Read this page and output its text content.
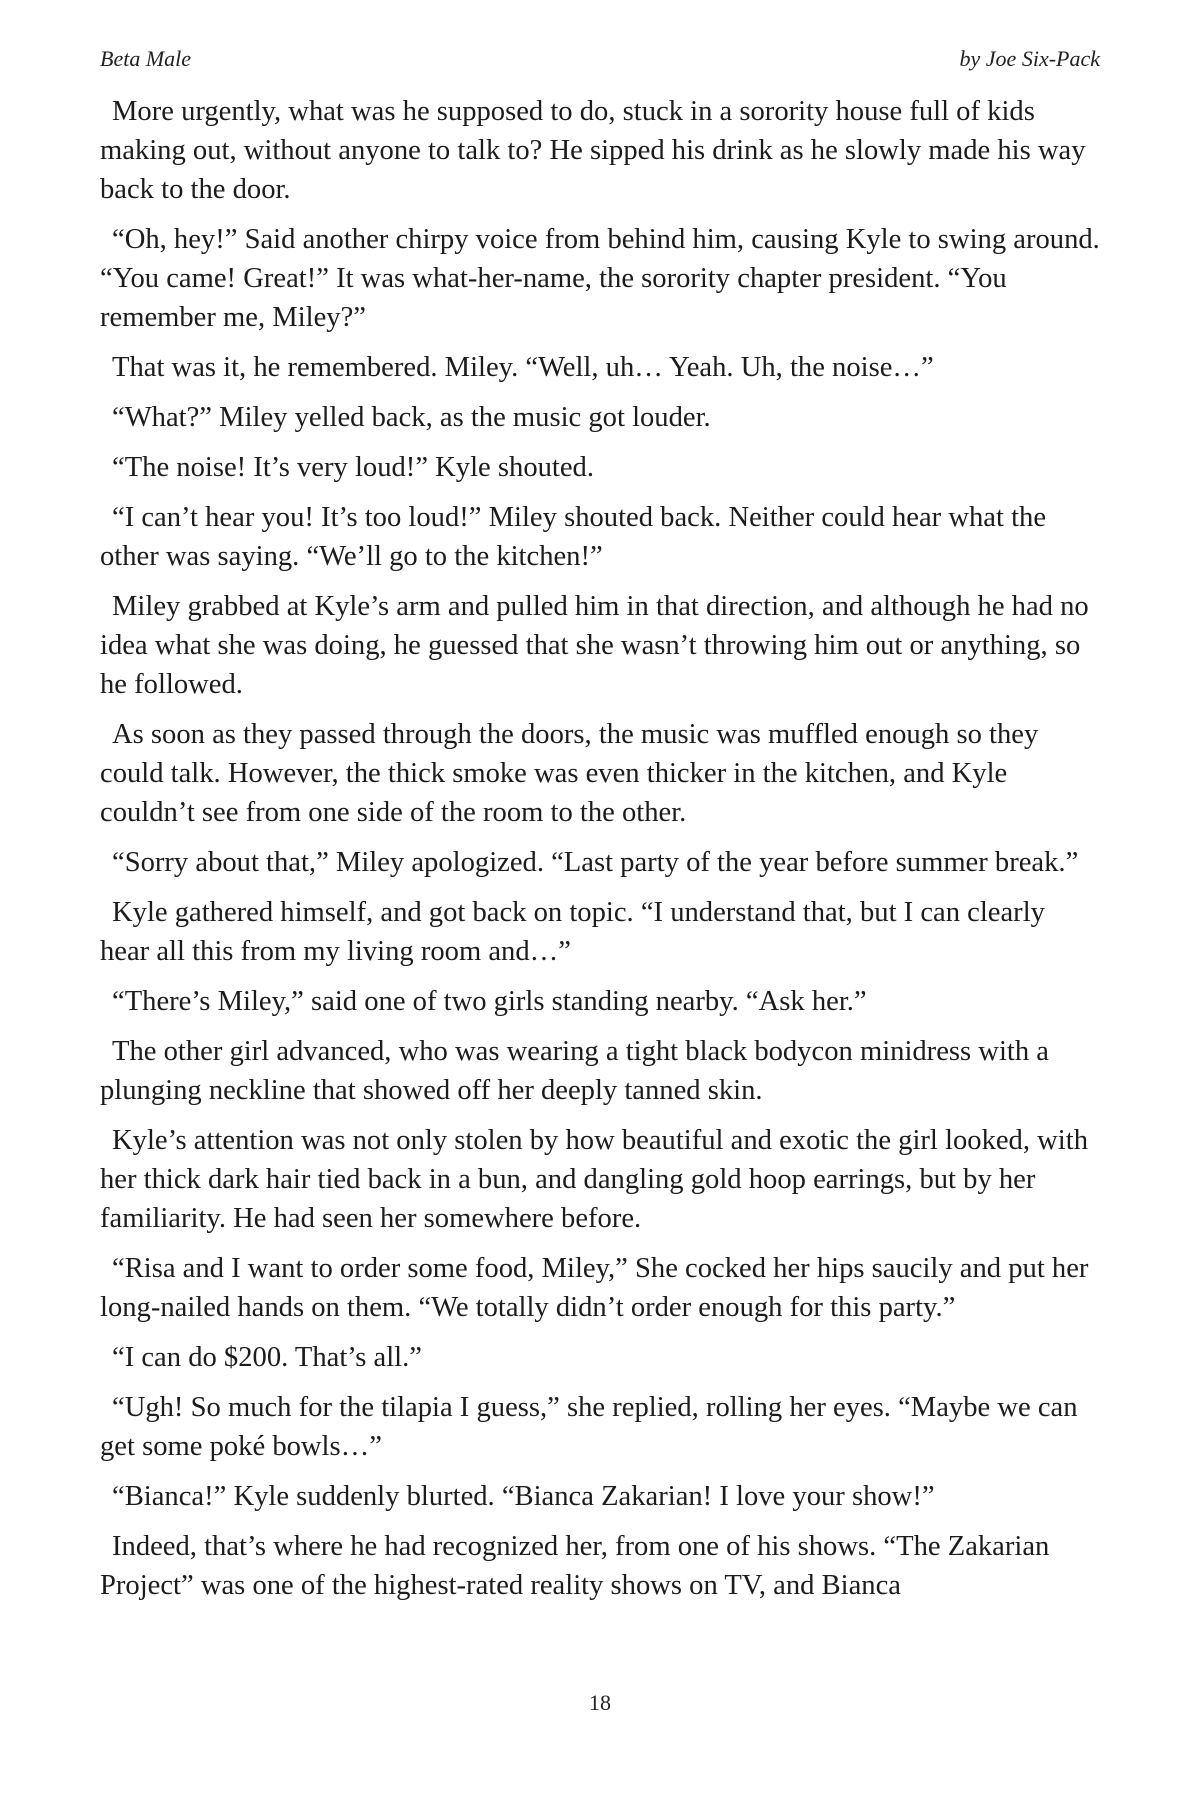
Beta Male	by Joe Six-Pack

More urgently, what was he supposed to do, stuck in a sorority house full of kids making out, without anyone to talk to? He sipped his drink as he slowly made his way back to the door.

“Oh, hey!” Said another chirpy voice from behind him, causing Kyle to swing around. “You came! Great!” It was what-her-name, the sorority chapter president. “You remember me, Miley?”

That was it, he remembered. Miley. “Well, uh… Yeah. Uh, the noise…”

“What?” Miley yelled back, as the music got louder.

“The noise! It’s very loud!” Kyle shouted.

“I can’t hear you! It’s too loud!” Miley shouted back. Neither could hear what the other was saying. “We’ll go to the kitchen!”

Miley grabbed at Kyle’s arm and pulled him in that direction, and although he had no idea what she was doing, he guessed that she wasn’t throwing him out or anything, so he followed.

As soon as they passed through the doors, the music was muffled enough so they could talk. However, the thick smoke was even thicker in the kitchen, and Kyle couldn’t see from one side of the room to the other.

“Sorry about that,” Miley apologized. “Last party of the year before summer break.”

Kyle gathered himself, and got back on topic. “I understand that, but I can clearly hear all this from my living room and…”

“There’s Miley,” said one of two girls standing nearby. “Ask her.”

The other girl advanced, who was wearing a tight black bodycon minidress with a plunging neckline that showed off her deeply tanned skin.

Kyle’s attention was not only stolen by how beautiful and exotic the girl looked, with her thick dark hair tied back in a bun, and dangling gold hoop earrings, but by her familiarity. He had seen her somewhere before.

“Risa and I want to order some food, Miley,” She cocked her hips saucily and put her long-nailed hands on them. “We totally didn’t order enough for this party.”

“I can do $200. That’s all.”

“Ugh! So much for the tilapia I guess,” she replied, rolling her eyes. “Maybe we can get some poké bowls…”

“Bianca!” Kyle suddenly blurted. “Bianca Zakarian! I love your show!”

Indeed, that’s where he had recognized her, from one of his shows. “The Zakarian Project” was one of the highest-rated reality shows on TV, and Bianca

18
